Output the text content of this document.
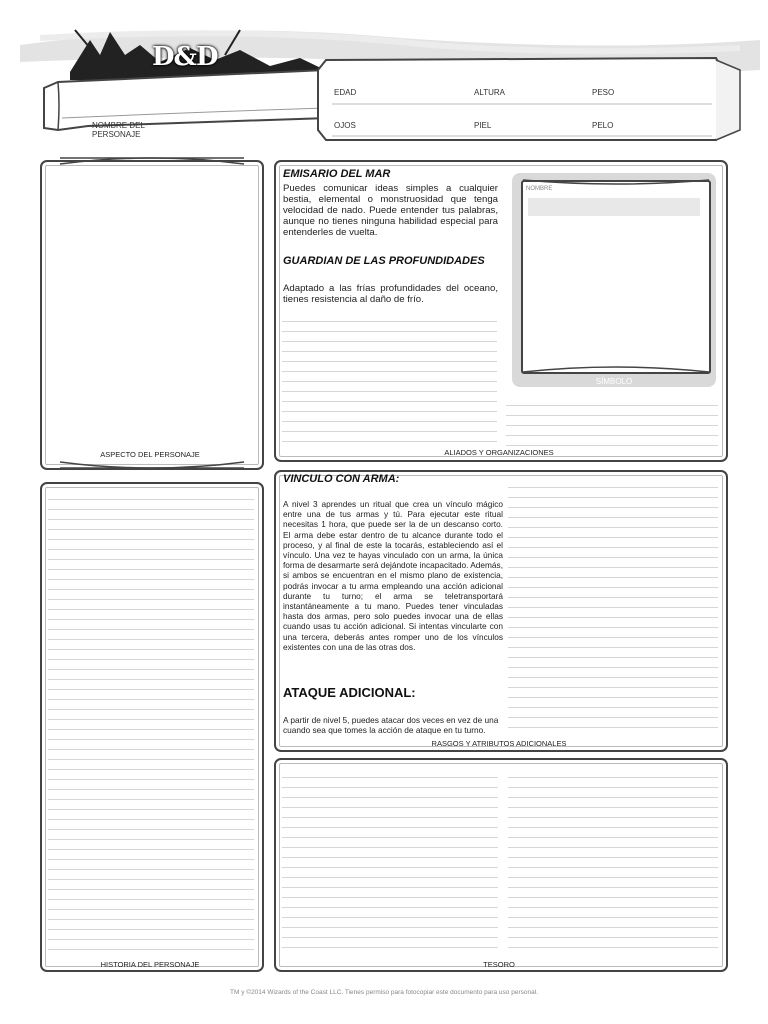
D&D
NOMBRE DEL PERSONAJE
EDAD	ALTURA	PESO
OJOS	PIEL	PELO
ASPECTO DEL PERSONAJE
EMISARIO DEL MAR
Puedes comunicar ideas simples a cualquier bestia, elemental o monstruosidad que tenga velocidad de nado. Puede entender tus palabras, aunque no tienes ninguna habilidad especial para entenderles de vuelta.
GUARDIAN DE LAS PROFUNDIDADES
Adaptado a las frías profundidades del oceano, tienes resistencia al daño de frío.
NOMBRE
SÍMBOLO
ALIADOS Y ORGANIZACIONES
HISTORIA DEL PERSONAJE
VINCULO CON ARMA:
A nivel 3 aprendes un ritual que crea un vínculo mágico entre una de tus armas y tú. Para ejecutar este ritual necesitas 1 hora, que puede ser la de un descanso corto. El arma debe estar dentro de tu alcance durante todo el proceso, y al final de este la tocarás, estableciendo así el vínculo. Una vez te hayas vinculado con un arma, la única forma de desarmarte será dejándote incapacitado. Además, si ambos se encuentran en el mismo plano de existencia, podrás invocar a tu arma empleando una acción adicional durante tu turno; el arma se teletransportará instantáneamente a tu mano. Puedes tener vinculadas hasta dos armas, pero solo puedes invocar una de ellas cuando usas tu acción adicional. Si intentas vincularte con una tercera, deberás antes romper uno de los vínculos existentes con una de las otras dos.
ATAQUE ADICIONAL:
A partir de nivel 5, puedes atacar dos veces en vez de una cuando sea que tomes la acción de ataque en tu turno.
RASGOS Y ATRIBUTOS ADICIONALES
TESORO
TM y ©2014 Wizards of the Coast LLC. Tienes permiso para fotocopiar este documento para uso personal.
